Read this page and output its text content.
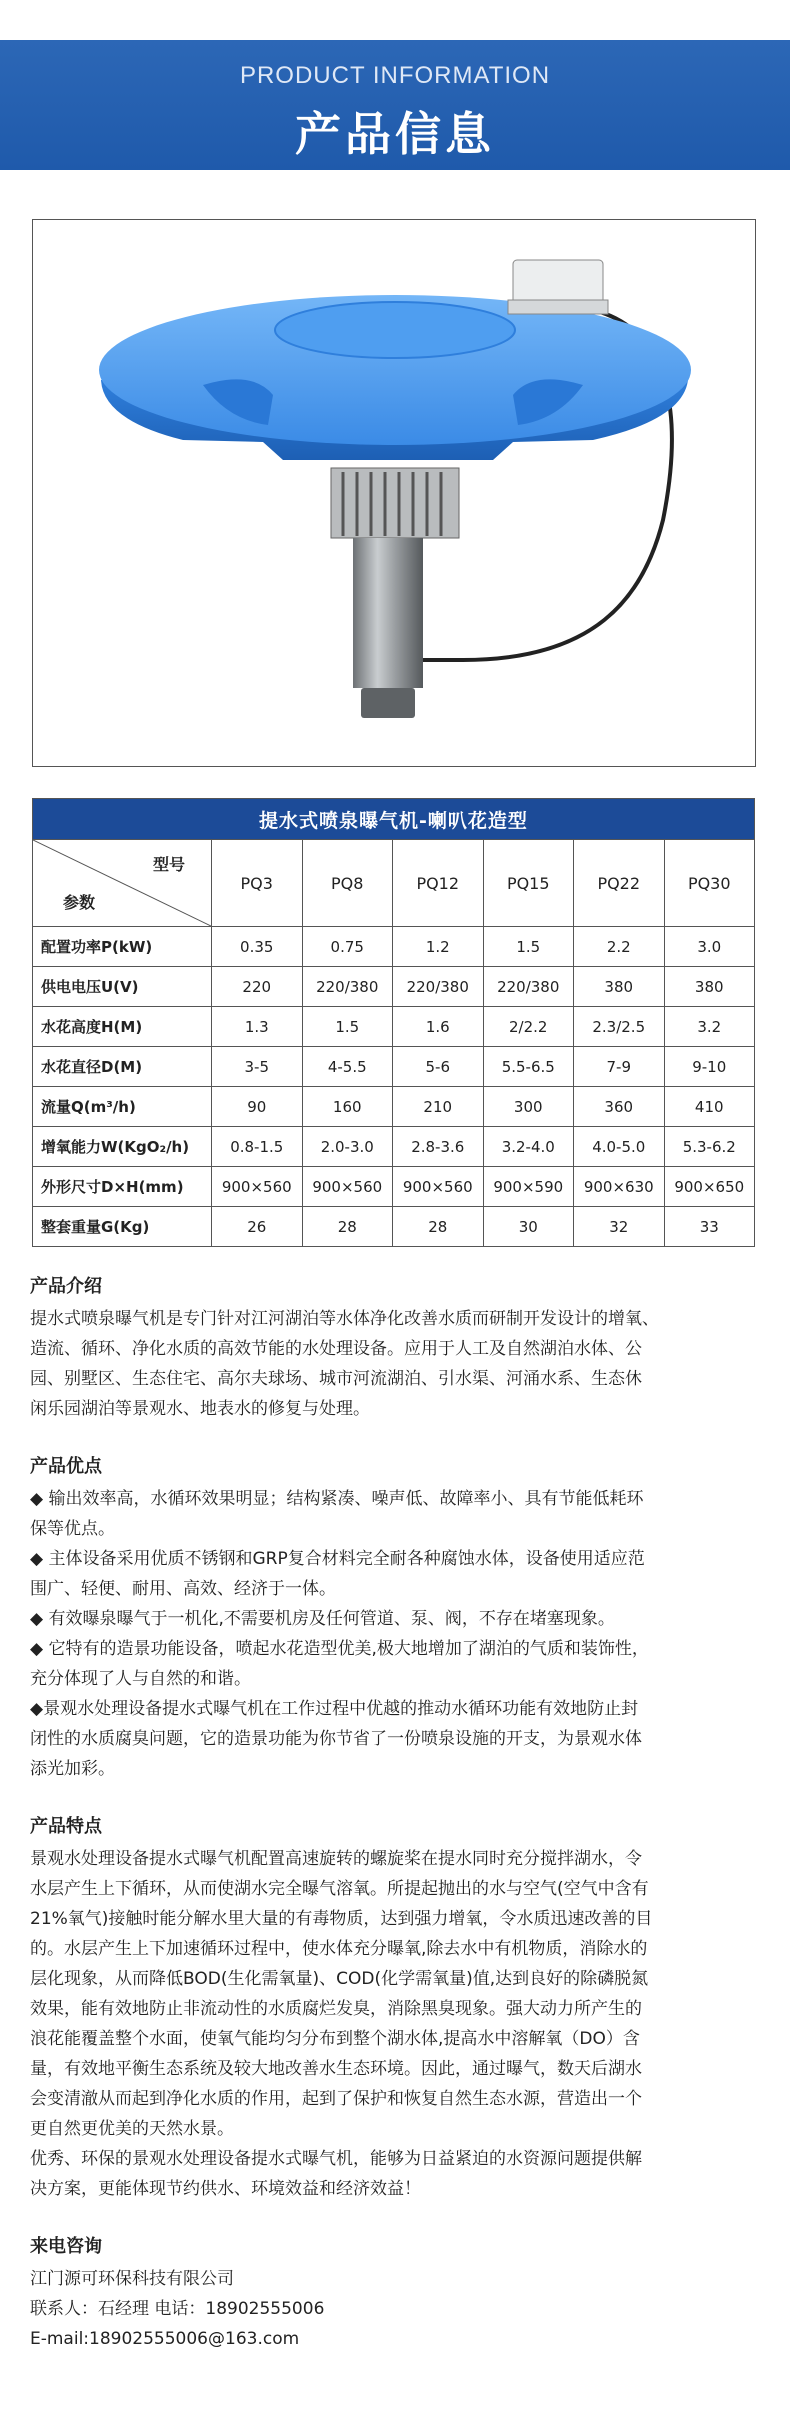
PRODUCT INFORMATION
产品信息
提水式喷泉曝气机-喇叭花造型						

型号
参数	PQ3	PQ8	PQ12	PQ15	PQ22	PQ30
配置功率P(kW)	0.35	0.75	1.2	1.5	2.2	3.0
供电电压U(V)	220	220/380	220/380	220/380	380	380
水花高度H(M)	1.3	1.5	1.6	2/2.2	2.3/2.5	3.2
水花直径D(M)	3-5	4-5.5	5-6	5.5-6.5	7-9	9-10
流量Q(m³/h)	90	160	210	300	360	410
增氧能力W(KgO₂/h)	0.8-1.5	2.0-3.0	2.8-3.6	3.2-4.0	4.0-5.0	5.3-6.2
外形尺寸D×H(mm)	900×560	900×560	900×560	900×590	900×630	900×650
整套重量G(Kg)	26	28	28	30	32	33
产品介绍

提水式喷泉曝气机是专门针对江河湖泊等水体净化改善水质而研制开发设计的增氧、

造流、循环、净化水质的高效节能的水处理设备。应用于人工及自然湖泊水体、公

园、别墅区、生态住宅、高尔夫球场、城市河流湖泊、引水渠、河涌水系、生态休

闲乐园湖泊等景观水、地表水的修复与处理。

产品优点

◆ 输出效率高，水循环效果明显；结构紧凑、噪声低、故障率小、具有节能低耗环

保等优点。

◆ 主体设备采用优质不锈钢和GRP复合材料完全耐各种腐蚀水体，设备使用适应范

围广、轻便、耐用、高效、经济于一体。

◆ 有效曝泉曝气于一机化,不需要机房及任何管道、泵、阀，不存在堵塞现象。

◆ 它特有的造景功能设备，喷起水花造型优美,极大地增加了湖泊的气质和装饰性，

充分体现了人与自然的和谐。

◆景观水处理设备提水式曝气机在工作过程中优越的推动水循环功能有效地防止封

闭性的水质腐臭问题，它的造景功能为你节省了一份喷泉设施的开支，为景观水体

添光加彩。

产品特点

景观水处理设备提水式曝气机配置高速旋转的螺旋桨在提水同时充分搅拌湖水，令

水层产生上下循环，从而使湖水完全曝气溶氧。所提起抛出的水与空气(空气中含有

21%氧气)接触时能分解水里大量的有毒物质，达到强力增氧，令水质迅速改善的目

的。水层产生上下加速循环过程中，使水体充分曝氧,除去水中有机物质，消除水的

层化现象，从而降低BOD(生化需氧量)、COD(化学需氧量)值,达到良好的除磷脱氮

效果，能有效地防止非流动性的水质腐烂发臭，消除黑臭现象。强大动力所产生的

浪花能覆盖整个水面，使氧气能均匀分布到整个湖水体,提高水中溶解氧（DO）含

量，有效地平衡生态系统及较大地改善水生态环境。因此，通过曝气，数天后湖水

会变清澈从而起到净化水质的作用，起到了保护和恢复自然生态水源，营造出一个

更自然更优美的天然水景。

优秀、环保的景观水处理设备提水式曝气机，能够为日益紧迫的水资源问题提供解

决方案，更能体现节约供水、环境效益和经济效益！

来电咨询

江门源可环保科技有限公司

联系人：石经理 电话：18902555006

E-mail:18902555006@163.com
